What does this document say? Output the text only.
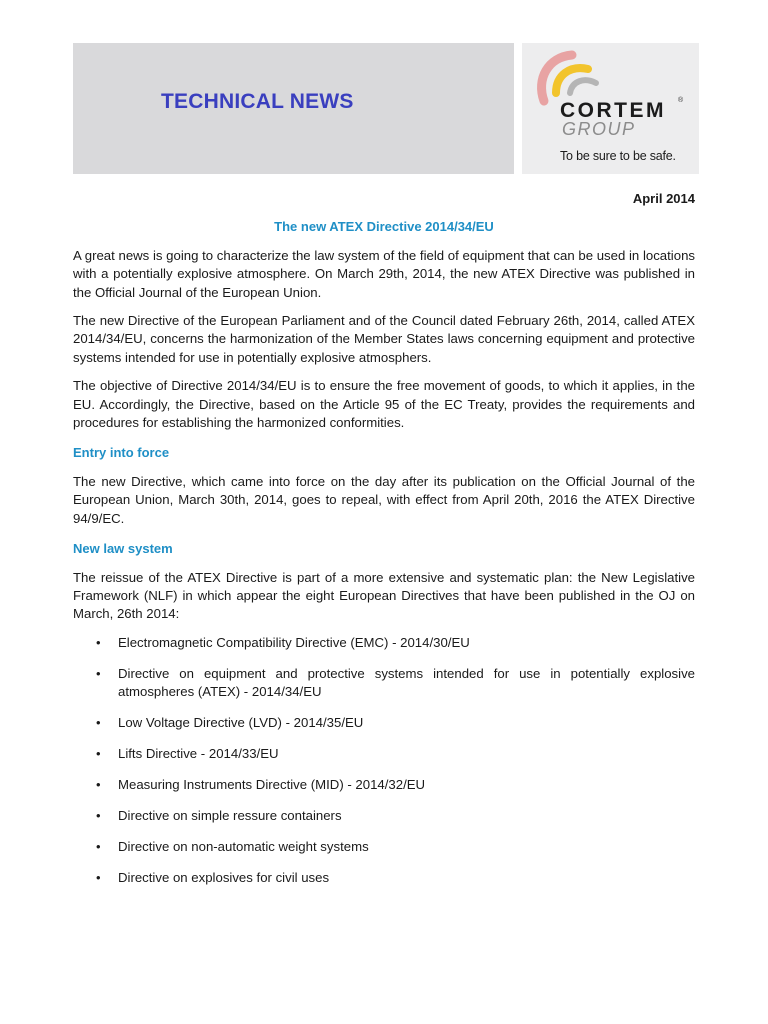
TECHNICAL NEWS	CORTEM ®
GROUP
To be sure to be safe.
April 2014
The new ATEX Directive 2014/34/EU

A great news is going to characterize the law system of the field of equipment that can be used in locations with a potentially explosive atmosphere. On March 29th, 2014, the new ATEX Directive was published in the Official Journal of the European Union.

The new Directive of the European Parliament and of the Council dated February 26th, 2014, called ATEX 2014/34/EU, concerns the harmonization of the Member States laws concerning equipment and protective systems intended for use in potentially explosive atmosphers.

The objective of Directive 2014/34/EU is to ensure the free movement of goods, to which it applies, in the EU. Accordingly, the Directive, based on the Article 95 of the EC Treaty, provides the requirements and procedures for establishing the harmonized conformities.

Entry into force

The new Directive, which came into force on the day after its publication on the Official Journal of the European Union, March 30th, 2014, goes to repeal, with effect from April 20th, 2016 the ATEX Directive 94/9/EC.

New law system

The reissue of the ATEX Directive is part of a more extensive and systematic plan: the New Legislative Framework (NLF) in which appear the eight European Directives that have been published in the OJ on March, 26th 2014:

• Electromagnetic Compatibility Directive (EMC) - 2014/30/EU
• Directive on equipment and protective systems intended for use in potentially explosive atmospheres (ATEX) - 2014/34/EU
• Low Voltage Directive (LVD) - 2014/35/EU
• Lifts Directive - 2014/33/EU
• Measuring Instruments Directive (MID) - 2014/32/EU
• Directive on simple ressure containers
• Directive on non-automatic weight systems
• Directive on explosives for civil uses
